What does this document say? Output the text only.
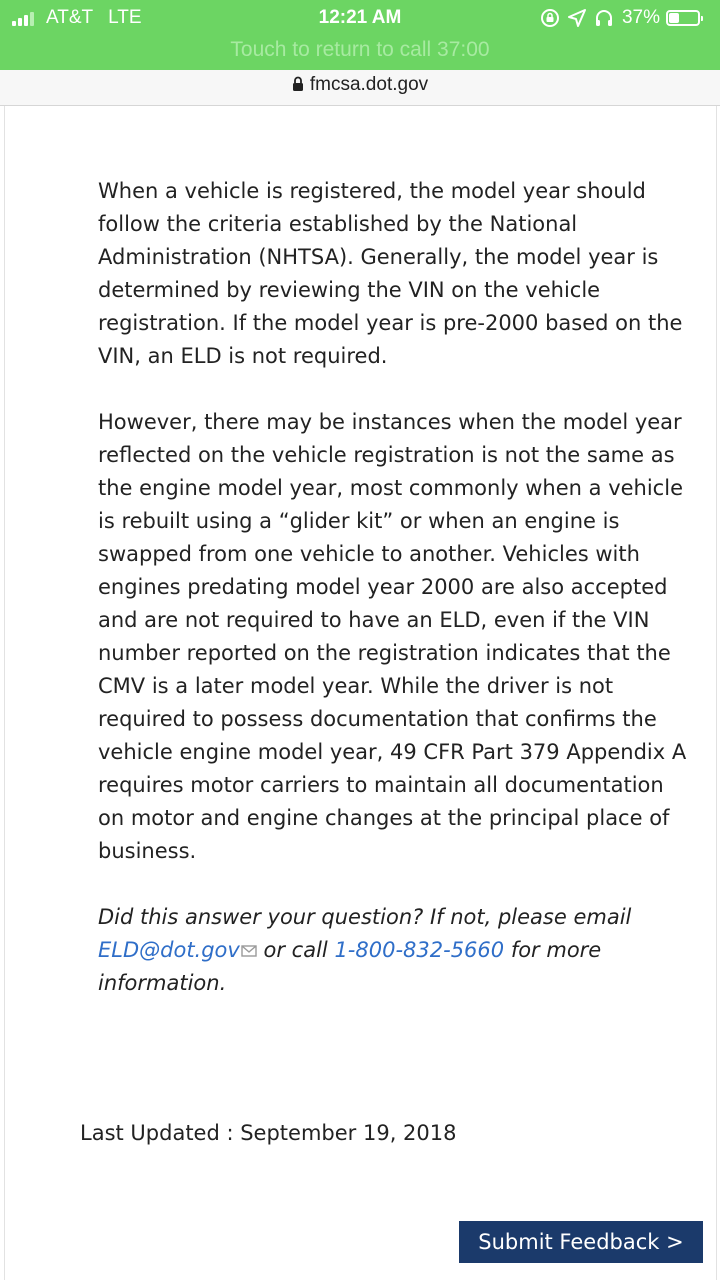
AT&T LTE	12:21 AM	37%
Touch to return to call 37:00
fmcsa.dot.gov

When a vehicle is registered, the model year should follow the criteria established by the National Administration (NHTSA). Generally, the model year is determined by reviewing the VIN on the vehicle registration. If the model year is pre-2000 based on the VIN, an ELD is not required.

However, there may be instances when the model year reflected on the vehicle registration is not the same as the engine model year, most commonly when a vehicle is rebuilt using a “glider kit” or when an engine is swapped from one vehicle to another. Vehicles with engines predating model year 2000 are also accepted and are not required to have an ELD, even if the VIN number reported on the registration indicates that the CMV is a later model year. While the driver is not required to possess documentation that confirms the vehicle engine model year, 49 CFR Part 379 Appendix A requires motor carriers to maintain all documentation on motor and engine changes at the principal place of business.

Did this answer your question? If not, please email ELD@dot.gov or call 1-800-832-5660 for more information.

Last Updated : September 19, 2018
Submit Feedback >
